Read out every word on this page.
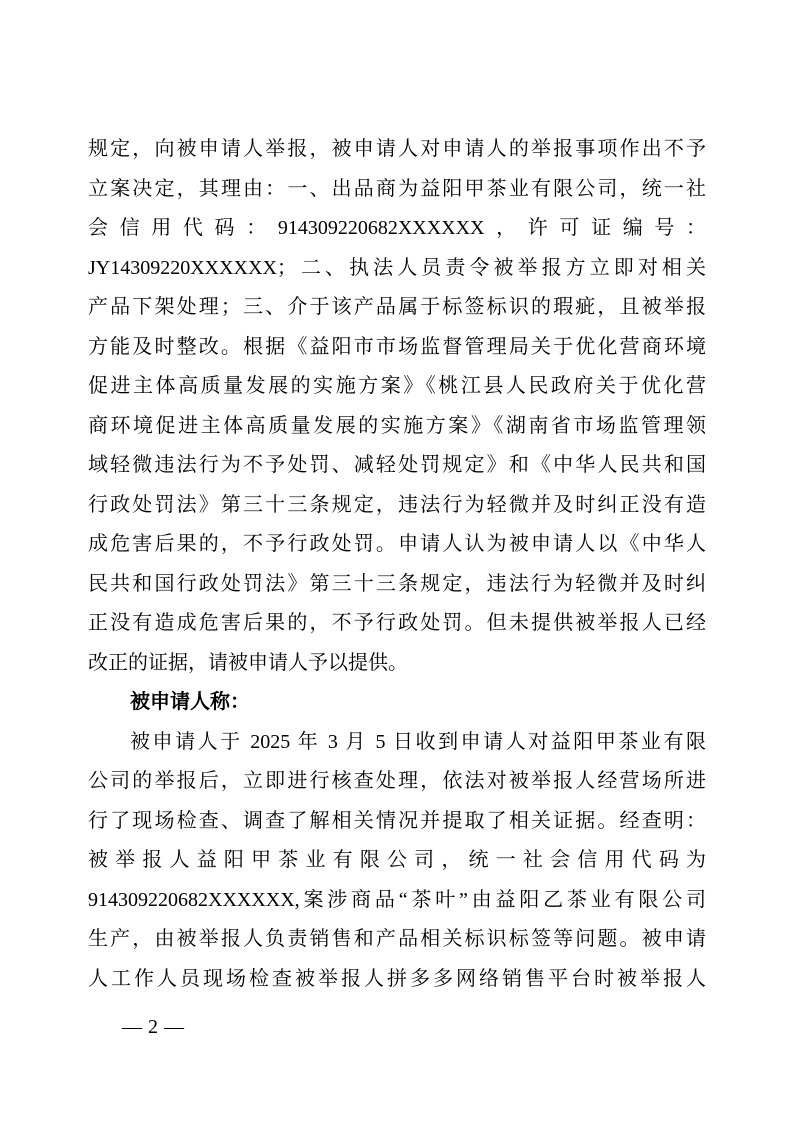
规定，向被申请人举报，被申请人对申请人的举报事项作出不予
立案决定，其理由：一、出品商为益阳甲茶业有限公司，统一社
会信用代码：914309220682XXXXXX，许可证编号：
JY14309220XXXXXX；二、执法人员责令被举报方立即对相关
产品下架处理；三、介于该产品属于标签标识的瑕疵，且被举报
方能及时整改。根据《益阳市市场监督管理局关于优化营商环境
促进主体高质量发展的实施方案》《桃江县人民政府关于优化营
商环境促进主体高质量发展的实施方案》《湖南省市场监管理领
域轻微违法行为不予处罚、减轻处罚规定》和《中华人民共和国
行政处罚法》第三十三条规定，违法行为轻微并及时纠正没有造
成危害后果的，不予行政处罚。申请人认为被申请人以《中华人
民共和国行政处罚法》第三十三条规定，违法行为轻微并及时纠
正没有造成危害后果的，不予行政处罚。但未提供被举报人已经
改正的证据，请被申请人予以提供。
被申请人称：
被申请人于 2025 年 3 月 5 日收到申请人对益阳甲茶业有限
公司的举报后，立即进行核查处理，依法对被举报人经营场所进
行了现场检查、调查了解相关情况并提取了相关证据。经查明：
被举报人益阳甲茶业有限公司，统一社会信用代码为
914309220682XXXXXX,案涉商品“茶叶”由益阳乙茶业有限公司
生产，由被举报人负责销售和产品相关标识标签等问题。被申请
人工作人员现场检查被举报人拼多多网络销售平台时被举报人
— 2 —
